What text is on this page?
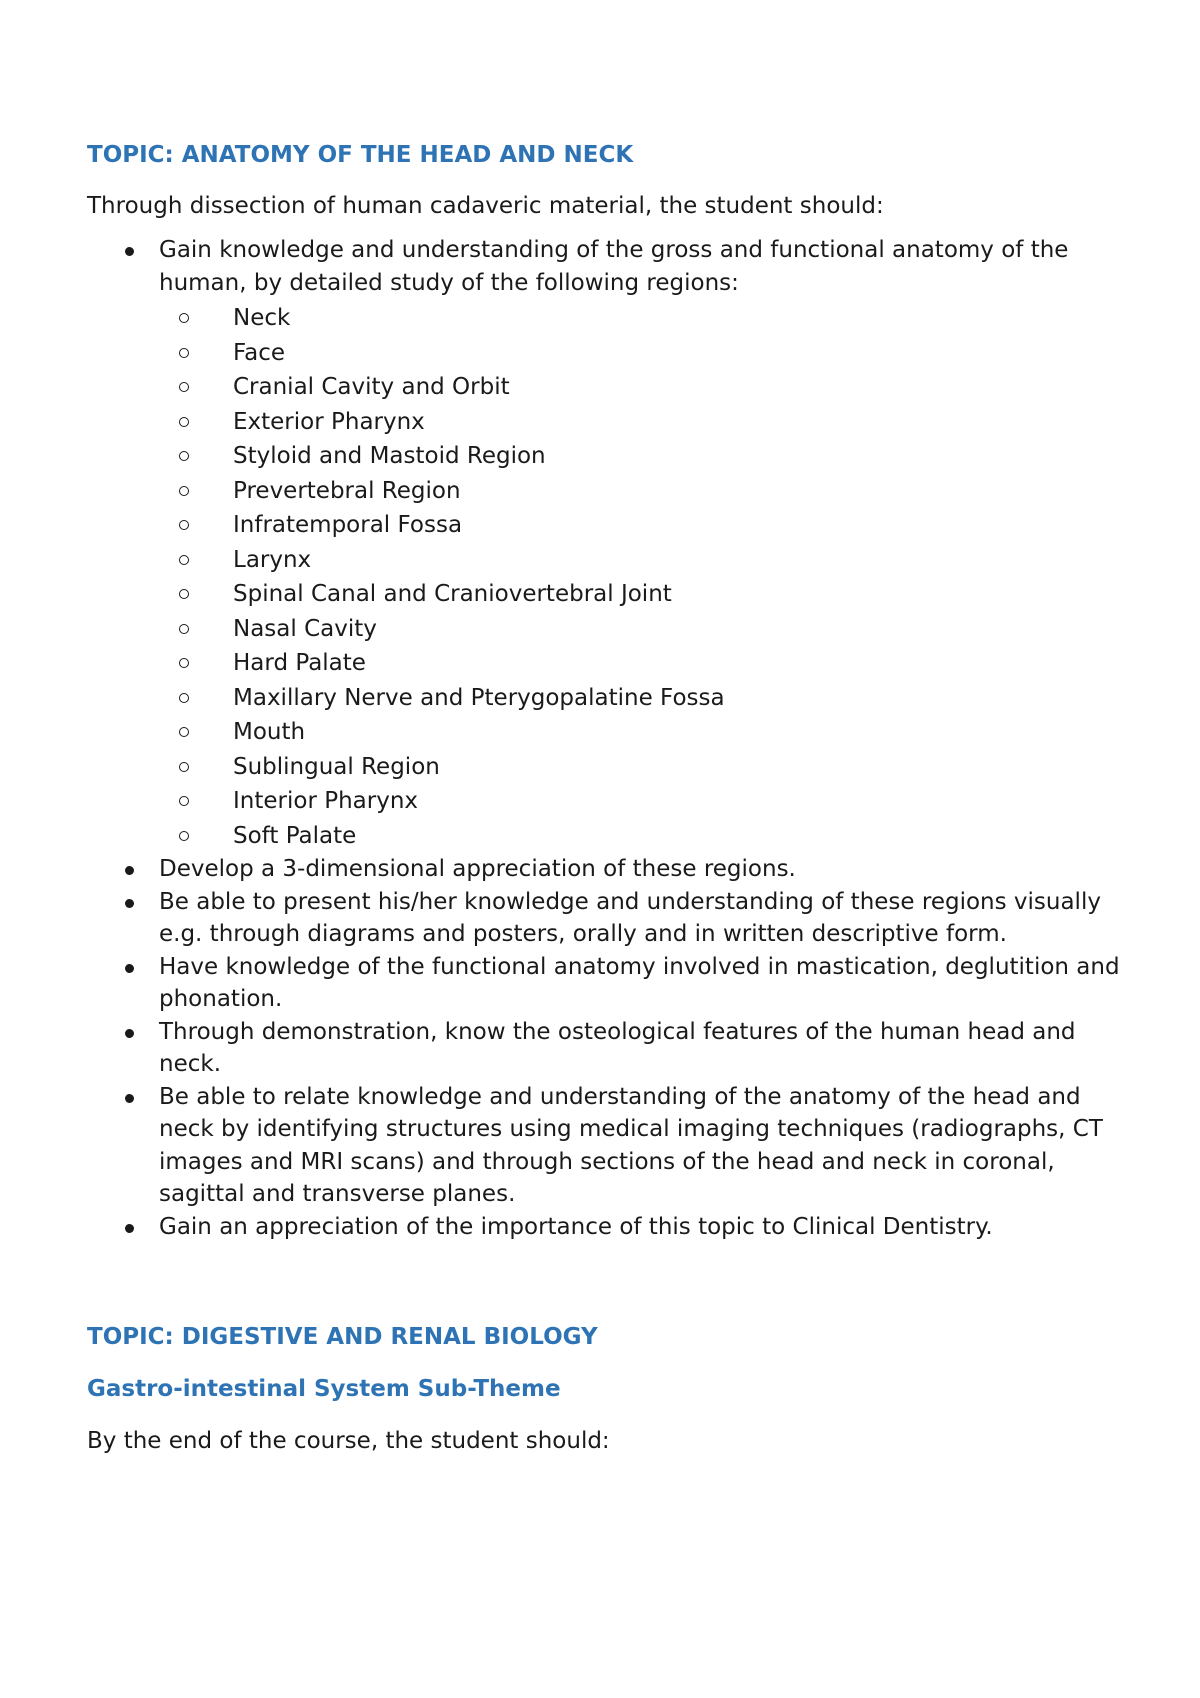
TOPIC: ANATOMY OF THE HEAD AND NECK

Through dissection of human cadaveric material, the student should:

Gain knowledge and understanding of the gross and functional anatomy of the human, by detailed study of the following regions:
Neck
Face
Cranial Cavity and Orbit
Exterior Pharynx
Styloid and Mastoid Region
Prevertebral Region
Infratemporal Fossa
Larynx
Spinal Canal and Craniovertebral Joint
Nasal Cavity
Hard Palate
Maxillary Nerve and Pterygopalatine Fossa
Mouth
Sublingual Region
Interior Pharynx
Soft Palate
Develop a 3-dimensional appreciation of these regions.
Be able to present his/her knowledge and understanding of these regions visually e.g. through diagrams and posters, orally and in written descriptive form.
Have knowledge of the functional anatomy involved in mastication, deglutition and phonation.
Through demonstration, know the osteological features of the human head and neck.
Be able to relate knowledge and understanding of the anatomy of the head and neck by identifying structures using medical imaging techniques (radiographs, CT images and MRI scans) and through sections of the head and neck in coronal, sagittal and transverse planes.
Gain an appreciation of the importance of this topic to Clinical Dentistry.
TOPIC: DIGESTIVE AND RENAL BIOLOGY
Gastro-intestinal System Sub-Theme

By the end of the course, the student should:
